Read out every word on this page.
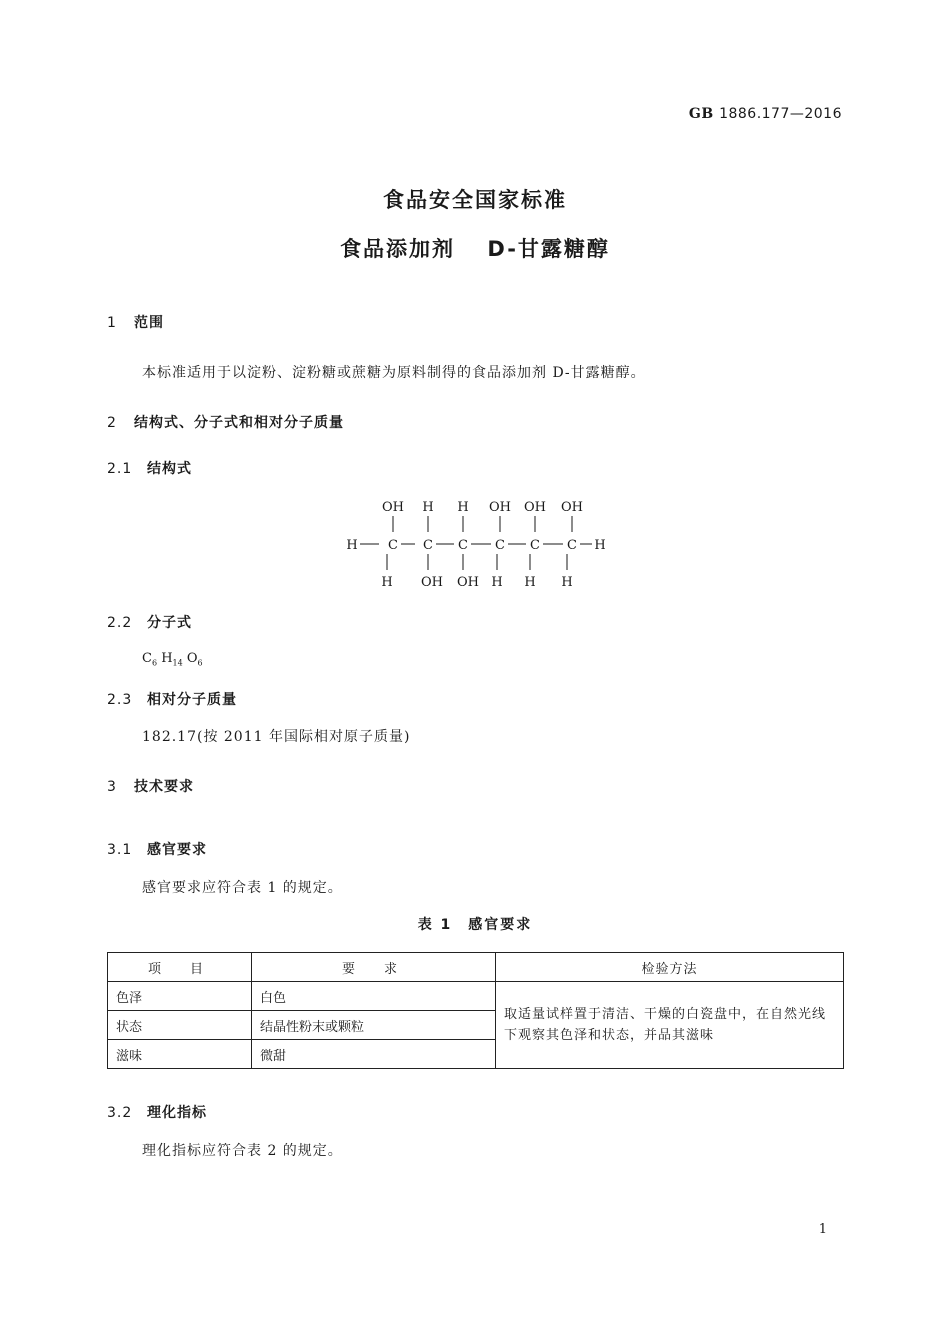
GB 1886.177—2016
食品安全国家标准
食品添加剂　 D-甘露糖醇
1 范围
本标准适用于以淀粉、淀粉糖或蔗糖为原料制得的食品添加剂 D-甘露糖醇。
2 结构式、分子式和相对分子质量
2.1 结构式
OH H H OH OH OH
H C C C C C C H
H OH OH H H H
2.2 分子式
$C_6$ $H_{14}$ $O_6$
2.3 相对分子质量
182.17(按 2011 年国际相对原子质量)
3 技术要求
3.1 感官要求
感官要求应符合表 1 的规定。
表 1　感官要求
项　目	要　求	检验方法
色泽	白色	取适量试样置于清洁、干燥的白瓷盘中，在自然光线下观察其色泽和状态，并品其滋味
状态	结晶性粉末或颗粒	
滋味	微甜	
3.2 理化指标
理化指标应符合表 2 的规定。
1
